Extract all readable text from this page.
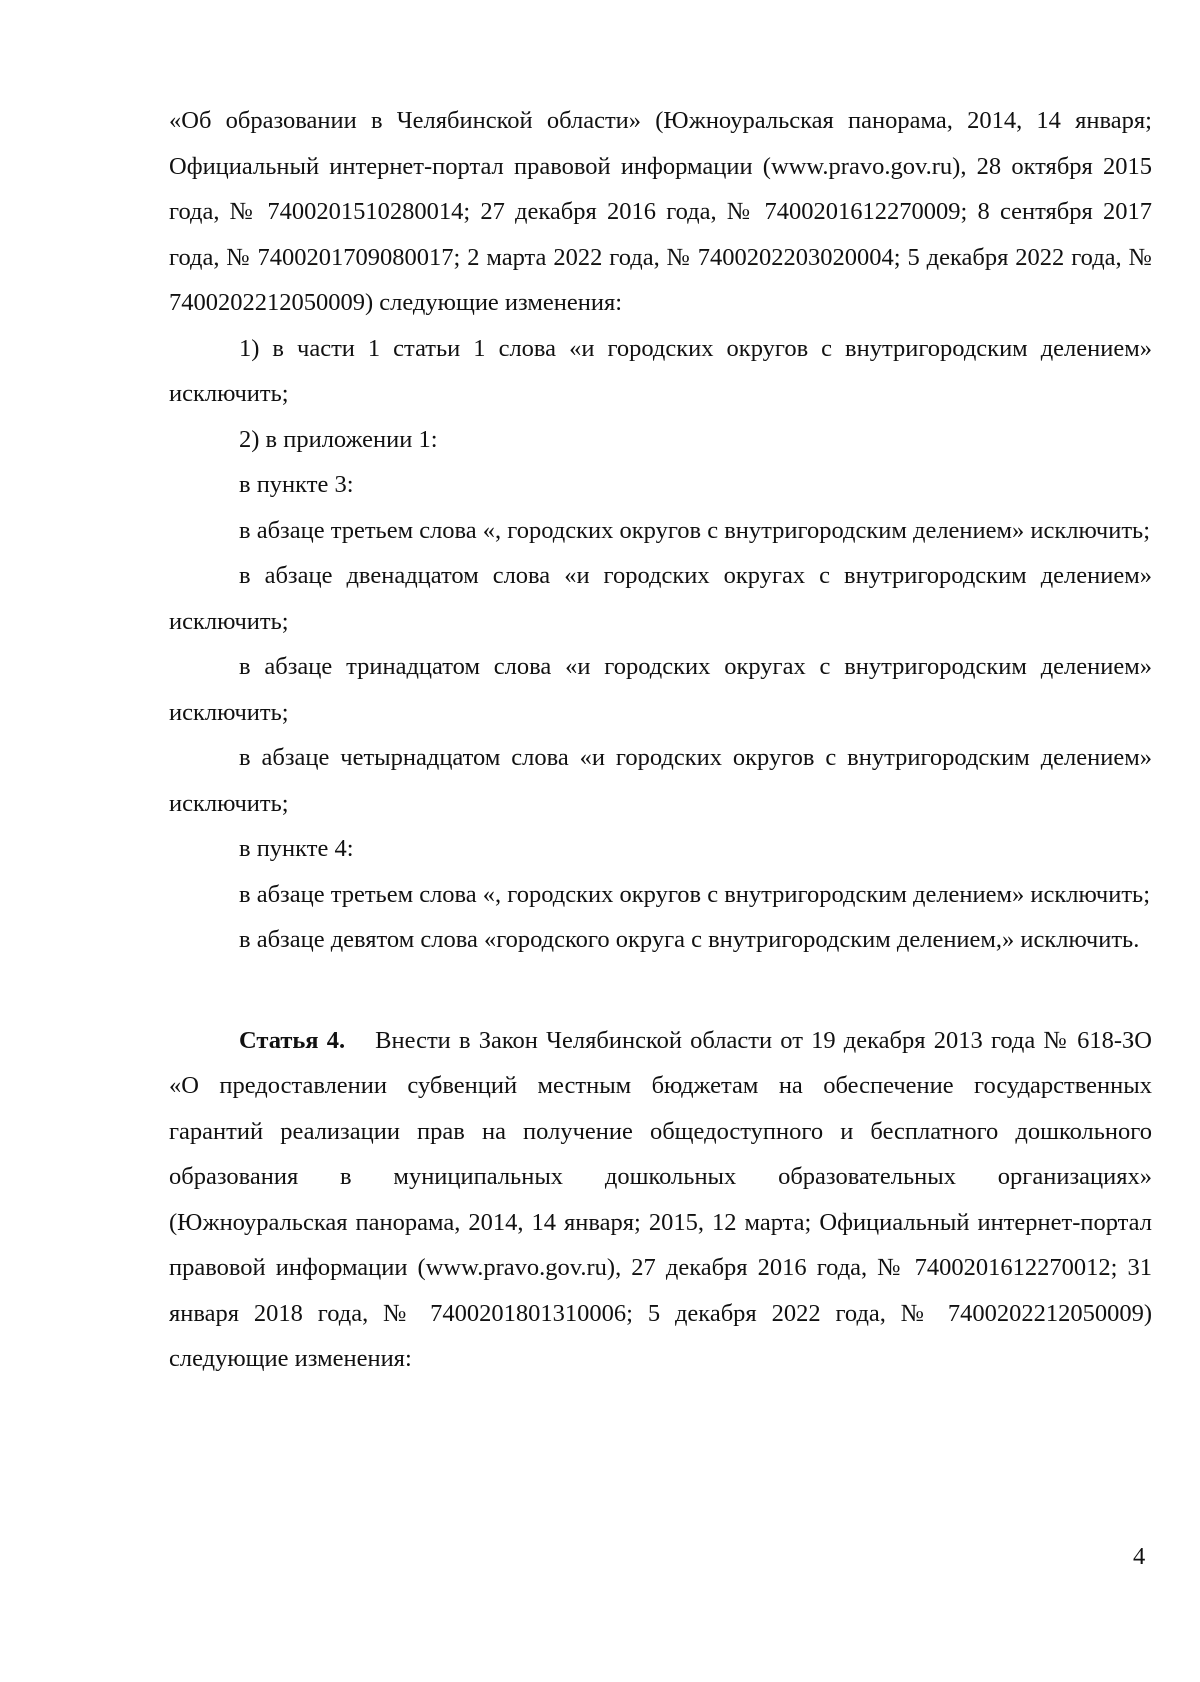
«Об образовании в Челябинской области» (Южноуральская панорама, 2014, 14 января; Официальный интернет-портал правовой информации (www.pravo.gov.ru), 28 октября 2015 года, № 7400201510280014; 27 декабря 2016 года, № 7400201612270009; 8 сентября 2017 года, № 7400201709080017; 2 марта 2022 года, № 7400202203020004; 5 декабря 2022 года, № 7400202212050009) следующие изменения:

1) в части 1 статьи 1 слова «и городских округов с внутригородским делением» исключить;

2) в приложении 1:

в пункте 3:

в абзаце третьем слова «, городских округов с внутригородским делением» исключить;

в абзаце двенадцатом слова «и городских округах с внутригородским делением» исключить;

в абзаце тринадцатом слова «и городских округах с внутригородским делением» исключить;

в абзаце четырнадцатом слова «и городских округов с внутригородским делением» исключить;

в пункте 4:

в абзаце третьем слова «, городских округов с внутригородским делением» исключить;

в абзаце девятом слова «городского округа с внутригородским делением,» исключить.

Статья 4. Внести в Закон Челябинской области от 19 декабря 2013 года № 618-ЗО «О предоставлении субвенций местным бюджетам на обеспечение государственных гарантий реализации прав на получение общедоступного и бесплатного дошкольного образования в муниципальных дошкольных образовательных организациях» (Южноуральская панорама, 2014, 14 января; 2015, 12 марта; Официальный интернет-портал правовой информации (www.pravo.gov.ru), 27 декабря 2016 года, № 7400201612270012; 31 января 2018 года, № 7400201801310006; 5 декабря 2022 года, № 7400202212050009) следующие изменения:

4
